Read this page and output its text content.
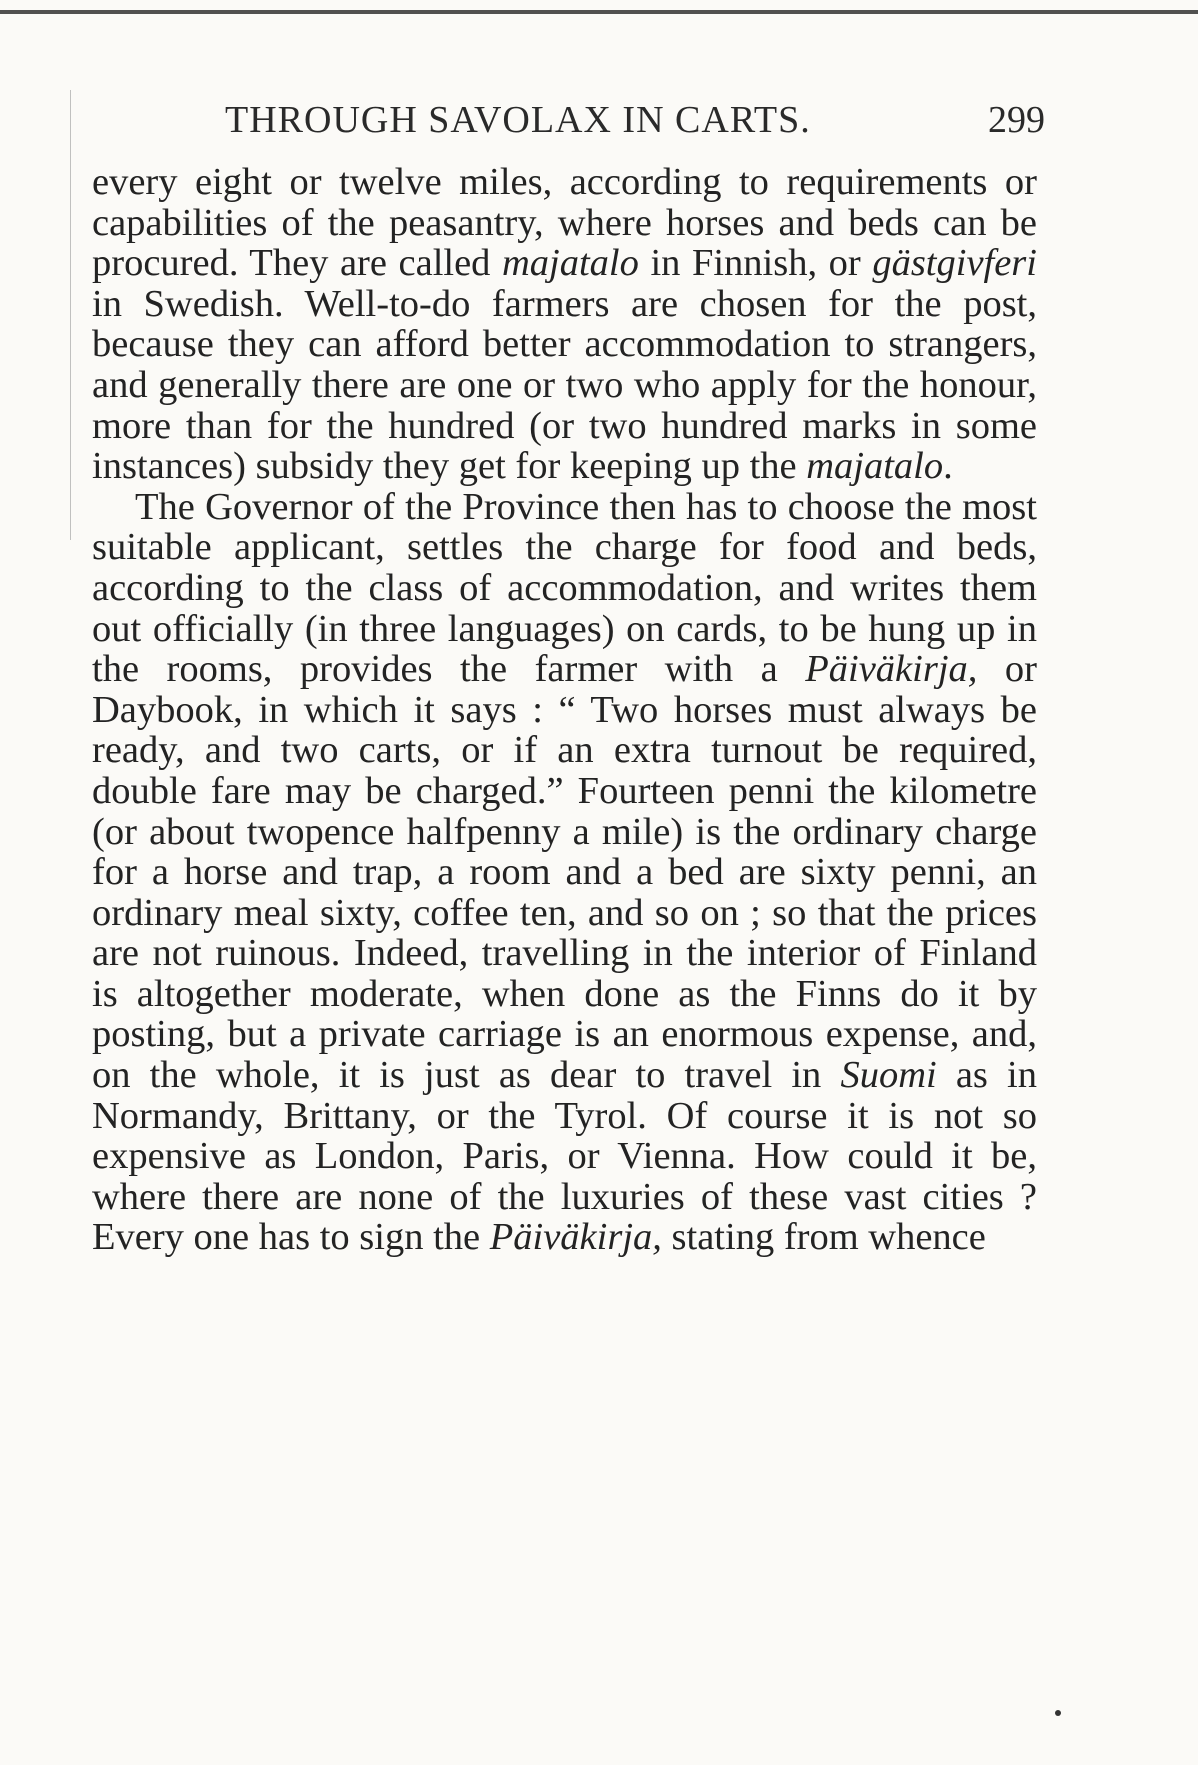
THROUGH SAVOLAX IN CARTS.	299

every eight or twelve miles, according to requirements or capabilities of the peasantry, where horses and beds can be procured. They are called majatalo in Finnish, or gästgivferi in Swedish. Well-to-do farmers are chosen for the post, because they can afford better accommodation to strangers, and generally there are one or two who apply for the honour, more than for the hundred (or two hundred marks in some instances) subsidy they get for keeping up the majatalo.

The Governor of the Province then has to choose the most suitable applicant, settles the charge for food and beds, according to the class of accommodation, and writes them out officially (in three languages) on cards, to be hung up in the rooms, provides the farmer with a Päiväkirja, or Daybook, in which it says : “ Two horses must always be ready, and two carts, or if an extra turnout be required, double fare may be charged.” Fourteen penni the kilometre (or about twopence halfpenny a mile) is the ordinary charge for a horse and trap, a room and a bed are sixty penni, an ordinary meal sixty, coffee ten, and so on ; so that the prices are not ruinous. Indeed, travelling in the interior of Finland is altogether moderate, when done as the Finns do it by posting, but a private carriage is an enormous expense, and, on the whole, it is just as dear to travel in Suomi as in Normandy, Brittany, or the Tyrol. Of course it is not so expensive as London, Paris, or Vienna. How could it be, where there are none of the luxuries of these vast cities ? Every one has to sign the Päiväkirja, stating from whence
